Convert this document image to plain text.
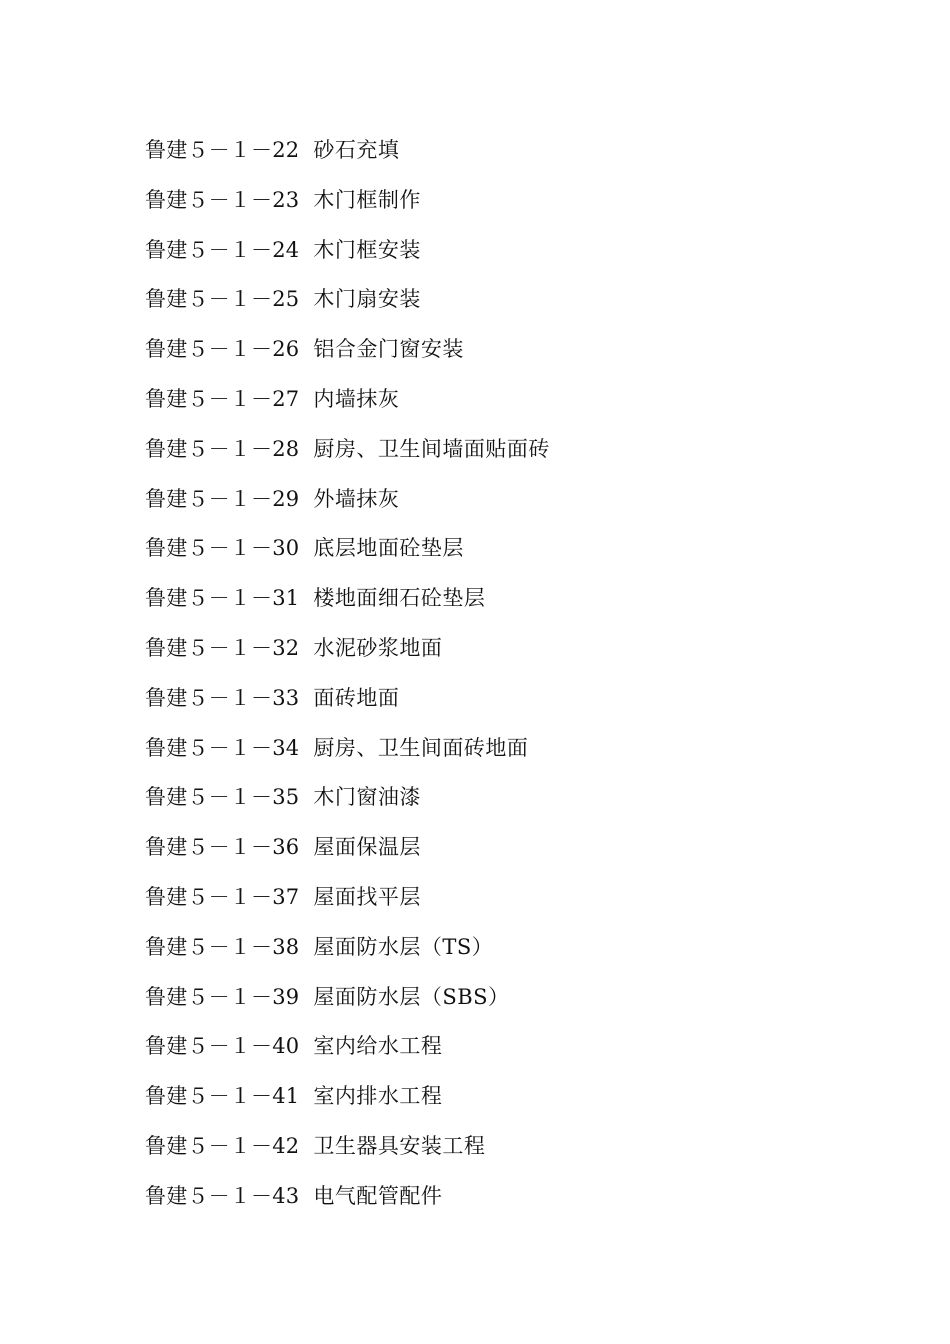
鲁建５－１－22 砂石充填
鲁建５－１－23 木门框制作
鲁建５－１－24 木门框安装
鲁建５－１－25 木门扇安装
鲁建５－１－26 铝合金门窗安装
鲁建５－１－27 内墙抹灰
鲁建５－１－28 厨房、卫生间墙面贴面砖
鲁建５－１－29 外墙抹灰
鲁建５－１－30 底层地面砼垫层
鲁建５－１－31 楼地面细石砼垫层
鲁建５－１－32 水泥砂浆地面
鲁建５－１－33 面砖地面
鲁建５－１－34 厨房、卫生间面砖地面
鲁建５－１－35 木门窗油漆
鲁建５－１－36 屋面保温层
鲁建５－１－37 屋面找平层
鲁建５－１－38 屋面防水层（TS）
鲁建５－１－39 屋面防水层（SBS）
鲁建５－１－40 室内给水工程
鲁建５－１－41 室内排水工程
鲁建５－１－42 卫生器具安装工程
鲁建５－１－43电气配管配件
